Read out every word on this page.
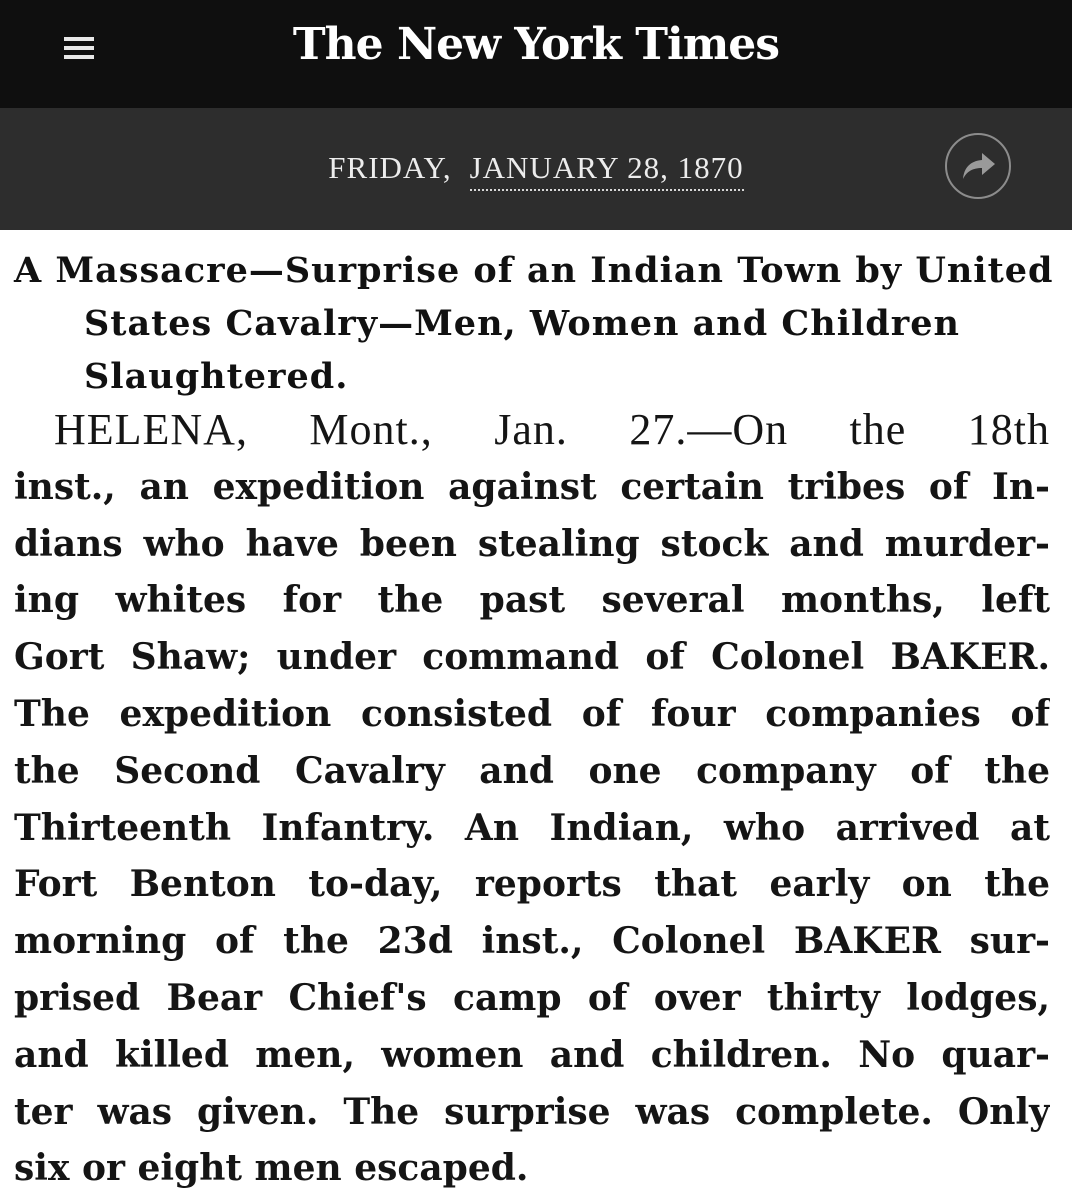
The New York Times
FRIDAY, JANUARY 28, 1870
A Massacre—Surprise of an Indian Town by United States Cavalry—Men, Women and Children Slaughtered.
HELENA, Mont., Jan. 27.—On the 18th
inst., an expedition against certain tribes of In-
dians who have been stealing stock and murder-
ing whites for the past several months, left
Gort Shaw; under command of Colonel BAKER.
The expedition consisted of four companies of
the Second Cavalry and one company of the
Thirteenth Infantry. An Indian, who arrived at
Fort Benton to-day, reports that early on the
morning of the 23d inst., Colonel BAKER sur-
prised Bear Chief's camp of over thirty lodges,
and killed men, women and children. No quar-
ter was given. The surprise was complete. Only
six or eight men escaped.
